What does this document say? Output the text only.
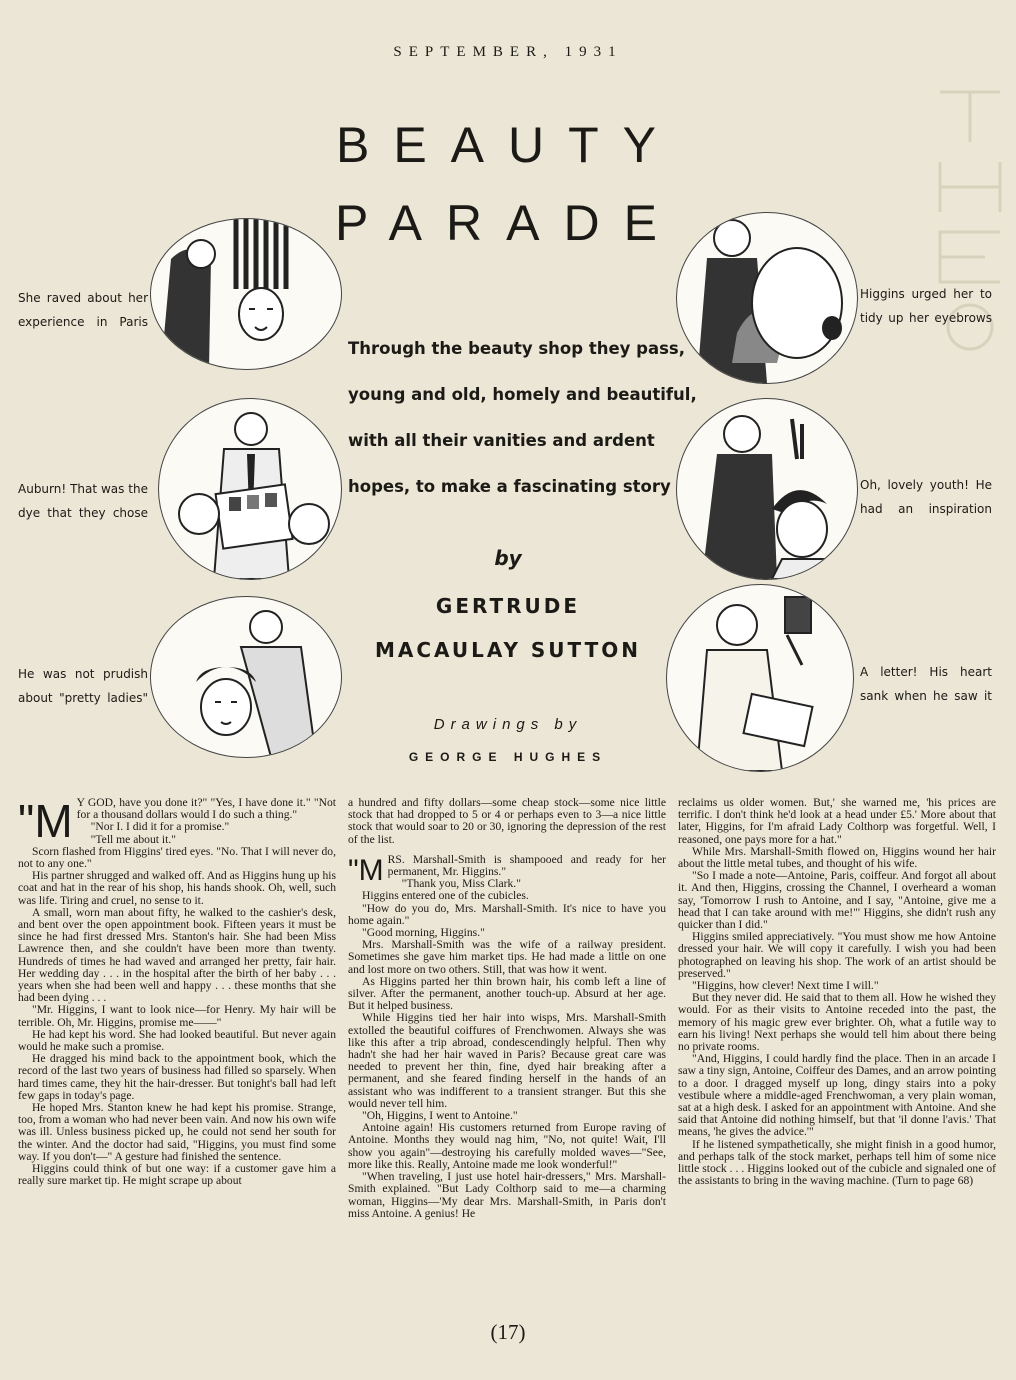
SEPTEMBER, 1931
BEAUTY
PARADE
Through the beauty shop they pass,
young and old, homely and beautiful,
with all their vanities and ardent
hopes, to make a fascinating story
by
GERTRUDE
MACAULAY SUTTON
Drawings by
GEORGE HUGHES
She raved about her
experience in Paris
Auburn! That was the
dye that they chose
He was not prudish
about "pretty ladies"
Higgins urged her to
tidy up her eyebrows
Oh, lovely youth! He
had an inspiration
A letter! His heart
sank when he saw it

"M Y GOD, have you done it?" "Yes, I have done it." "Not for a thousand dollars would I do such a thing."

"Nor I. I did it for a promise."

"Tell me about it."

Scorn flashed from Higgins' tired eyes. "No. That I will never do, not to any one."

His partner shrugged and walked off. And as Higgins hung up his coat and hat in the rear of his shop, his hands shook. Oh, well, such was life. Tiring and cruel, no sense to it.

A small, worn man about fifty, he walked to the cashier's desk, and bent over the open appointment book. Fifteen years it must be since he had first dressed Mrs. Stanton's hair. She had been Miss Lawrence then, and she couldn't have been more than twenty. Hundreds of times he had waved and arranged her pretty, fair hair. Her wedding day . . . in the hospital after the birth of her baby . . . years when she had been well and happy . . . these months that she had been dying . . .

"Mr. Higgins, I want to look nice—for Henry. My hair will be terrible. Oh, Mr. Higgins, promise me——"

He had kept his word. She had looked beautiful. But never again would he make such a promise.

He dragged his mind back to the appointment book, which the record of the last two years of business had filled so sparsely. When hard times came, they hit the hair-dresser. But tonight's ball had left few gaps in today's page.

He hoped Mrs. Stanton knew he had kept his promise. Strange, too, from a woman who had never been vain. And now his own wife was ill. Unless business picked up, he could not send her south for the winter. And the doctor had said, "Higgins, you must find some way. If you don't—" A gesture had finished the sentence.

Higgins could think of but one way: if a customer gave him a really sure market tip. He might scrape up about

a hundred and fifty dollars—some cheap stock—some nice little stock that had dropped to 5 or 4 or perhaps even to 3—a nice little stock that would soar to 20 or 30, ignoring the depression of the rest of the list.

"M RS. Marshall-Smith is shampooed and ready for her permanent, Mr. Higgins."

"Thank you, Miss Clark."

Higgins entered one of the cubicles.

"How do you do, Mrs. Marshall-Smith. It's nice to have you home again."

"Good morning, Higgins."

Mrs. Marshall-Smith was the wife of a railway president. Sometimes she gave him market tips. He had made a little on one and lost more on two others. Still, that was how it went.

As Higgins parted her thin brown hair, his comb left a line of silver. After the permanent, another touch-up. Absurd at her age. But it helped business.

While Higgins tied her hair into wisps, Mrs. Marshall-Smith extolled the beautiful coiffures of Frenchwomen. Always she was like this after a trip abroad, condescendingly helpful. Then why hadn't she had her hair waved in Paris? Because great care was needed to prevent her thin, fine, dyed hair breaking after a permanent, and she feared finding herself in the hands of an assistant who was indifferent to a transient stranger. But this she would never tell him.

"Oh, Higgins, I went to Antoine."

Antoine again! His customers returned from Europe raving of Antoine. Months they would nag him, "No, not quite! Wait, I'll show you again"—destroying his carefully molded waves—"See, more like this. Really, Antoine made me look wonderful!"

"When traveling, I just use hotel hair-dressers," Mrs. Marshall-Smith explained. "But Lady Colthorp said to me—a charming woman, Higgins—'My dear Mrs. Marshall-Smith, in Paris don't miss Antoine. A genius! He

reclaims us older women. But,' she warned me, 'his prices are terrific. I don't think he'd look at a head under £5.' More about that later, Higgins, for I'm afraid Lady Colthorp was forgetful. Well, I reasoned, one pays more for a hat."

While Mrs. Marshall-Smith flowed on, Higgins wound her hair about the little metal tubes, and thought of his wife.

"So I made a note—Antoine, Paris, coiffeur. And forgot all about it. And then, Higgins, crossing the Channel, I overheard a woman say, 'Tomorrow I rush to Antoine, and I say, "Antoine, give me a head that I can take around with me!"' Higgins, she didn't rush any quicker than I did."

Higgins smiled appreciatively. "You must show me how Antoine dressed your hair. We will copy it carefully. I wish you had been photographed on leaving his shop. The work of an artist should be preserved."

"Higgins, how clever! Next time I will."

But they never did. He said that to them all. How he wished they would. For as their visits to Antoine receded into the past, the memory of his magic grew ever brighter. Oh, what a futile way to earn his living! Next perhaps she would tell him about there being no private rooms.

"And, Higgins, I could hardly find the place. Then in an arcade I saw a tiny sign, Antoine, Coiffeur des Dames, and an arrow pointing to a door. I dragged myself up long, dingy stairs into a poky vestibule where a middle-aged Frenchwoman, a very plain woman, sat at a high desk. I asked for an appointment with Antoine. And she said that Antoine did nothing himself, but that 'il donne l'avis.' That means, 'he gives the advice.'"

If he listened sympathetically, she might finish in a good humor, and perhaps talk of the stock market, perhaps tell him of some nice little stock . . . Higgins looked out of the cubicle and signaled one of the assistants to bring in the waving machine. (Turn to page 68)

(17)
